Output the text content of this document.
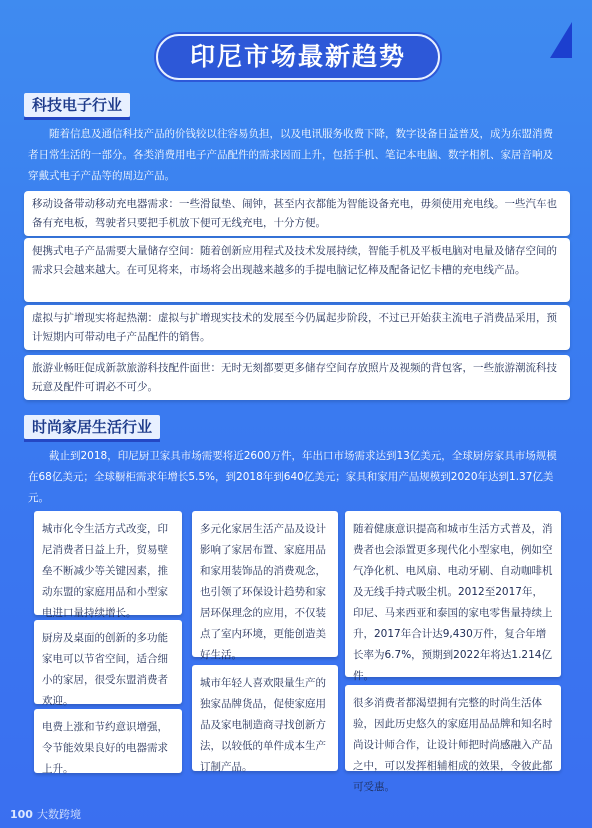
印尼市场最新趋势
科技电子行业
随着信息及通信科技产品的价钱较以往容易负担，以及电讯服务收费下降，数字设备日益普及，成为东盟消费者日常生活的一部分。各类消费用电子产品配件的需求因而上升，包括手机、笔记本电脑、数字相机、家居音响及穿戴式电子产品等的周边产品。
移动设备带动移动充电器需求：一些滑鼠垫、闹钟，甚至内衣都能为智能设备充电，毋须使用充电线。一些汽车也备有充电板，驾驶者只要把手机放下便可无线充电，十分方便。
便携式电子产品需要大量储存空间：随着创新应用程式及技术发展持续，智能手机及平板电脑对电量及储存空间的需求只会越来越大。在可见将来，市场将会出现越来越多的手提电脑记忆棒及配备记忆卡槽的充电线产品。
虚拟与扩增现实将起热潮：虚拟与扩增现实技术的发展至今仍属起步阶段，不过已开始获主流电子消费品采用，预计短期内可带动电子产品配件的销售。
旅游业畅旺促成新款旅游科技配件面世：无时无刻都要更多储存空间存放照片及视频的背包客，一些旅游潮流科技玩意及配件可谓必不可少。
时尚家居生活行业
截止到2018，印尼厨卫家具市场需要将近2600万件，年出口市场需求达到13亿美元，全球厨房家具市场规模在68亿美元；全球橱柜需求年增长5.5%，到2018年到640亿美元；家具和家用产品规模到2020年达到1.37亿美元。
城市化令生活方式改变，印尼消费者日益上升，贸易壁垒不断减少等关键因素，推动东盟的家庭用品和小型家电进口量持续增长。
厨房及桌面的创新的多功能家电可以节省空间，适合细小的家居，很受东盟消费者欢迎。
电费上涨和节约意识增强，令节能效果良好的电器需求上升。
多元化家居生活产品及设计影响了家居布置、家庭用品和家用装饰品的消费观念，也引领了环保设计趋势和家居环保理念的应用，不仅装点了室内环境，更能创造美好生活。
城市年轻人喜欢限量生产的独家品牌货品，促使家庭用品及家电制造商寻找创新方法，以较低的单件成本生产订制产品。
随着健康意识提高和城市生活方式普及，消费者也会添置更多现代化小型家电，例如空气净化机、电风扇、电动牙刷、自动咖啡机及无线手持式吸尘机。2012至2017年，印尼、马来西亚和泰国的家电零售量持续上升，2017年合计达9,430万件，复合年增长率为6.7%，预期到2022年将达1.214亿件。
很多消费者都渴望拥有完整的时尚生活体验，因此历史悠久的家庭用品品牌和知名时尚设计师合作，让设计师把时尚感融入产品之中，可以发挥相辅相成的效果，令彼此都可受惠。
100 大数跨境
